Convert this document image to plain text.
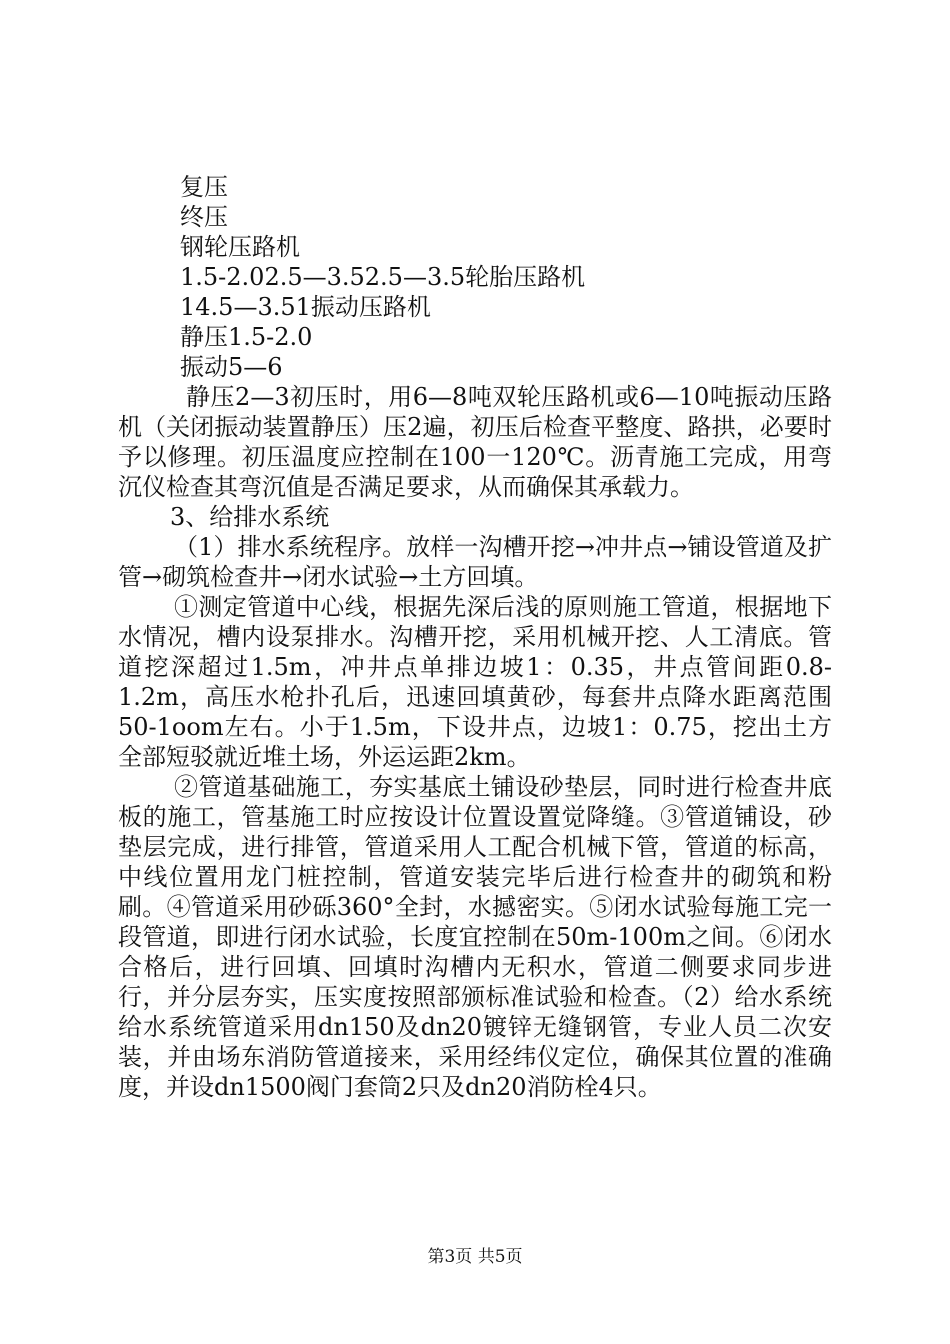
复压
终压
钢轮压路机
1.5-2.02.5—3.52.5—3.5轮胎压路机
14.5—3.51振动压路机
静压1.5-2.0
振动5—6

静压2—3初压时，用6—8吨双轮压路机或6—10吨振动压路机（关闭振动装置静压）压2遍，初压后检查平整度、路拱，必要时予以修理。初压温度应控制在100一120℃。沥青施工完成，用弯沉仪检查其弯沉值是否满足要求，从而确保其承载力。

3、给排水系统

（1）排水系统程序。放样一沟槽开挖→冲井点→铺设管道及扩管→砌筑检查井→闭水试验→土方回填。

①测定管道中心线，根据先深后浅的原则施工管道，根据地下水情况，槽内设泵排水。沟槽开挖，采用机械开挖、人工清底。管道挖深超过1.5m，冲井点单排边坡1：0.35，井点管间距0.8-1.2m，高压水枪扑孔后，迅速回填黄砂，每套井点降水距离范围50-1oom左右。小于1.5m，下设井点，边坡1：0.75，挖出土方全部短驳就近堆土场，外运运距2km。

②管道基础施工，夯实基底土铺设砂垫层，同时进行检查井底板的施工，管基施工时应按设计位置设置觉降缝。③管道铺设，砂垫层完成，进行排管，管道采用人工配合机械下管，管道的标高，中线位置用龙门桩控制，管道安装完毕后进行检查井的砌筑和粉刷。④管道采用砂砾360°全封，水撼密实。⑤闭水试验每施工完一段管道，即进行闭水试验，长度宜控制在50m-100m之间。⑥闭水合格后，进行回填、回填时沟槽内无积水，管道二侧要求同步进行，并分层夯实，压实度按照部颁标准试验和检查。（2）给水系统给水系统管道采用dn150及dn20镀锌无缝钢管，专业人员二次安装，并由场东消防管道接来，采用经纬仪定位，确保其位置的准确度，并设dn1500阀门套筒2只及dn20消防栓4只。

第3页 共5页
